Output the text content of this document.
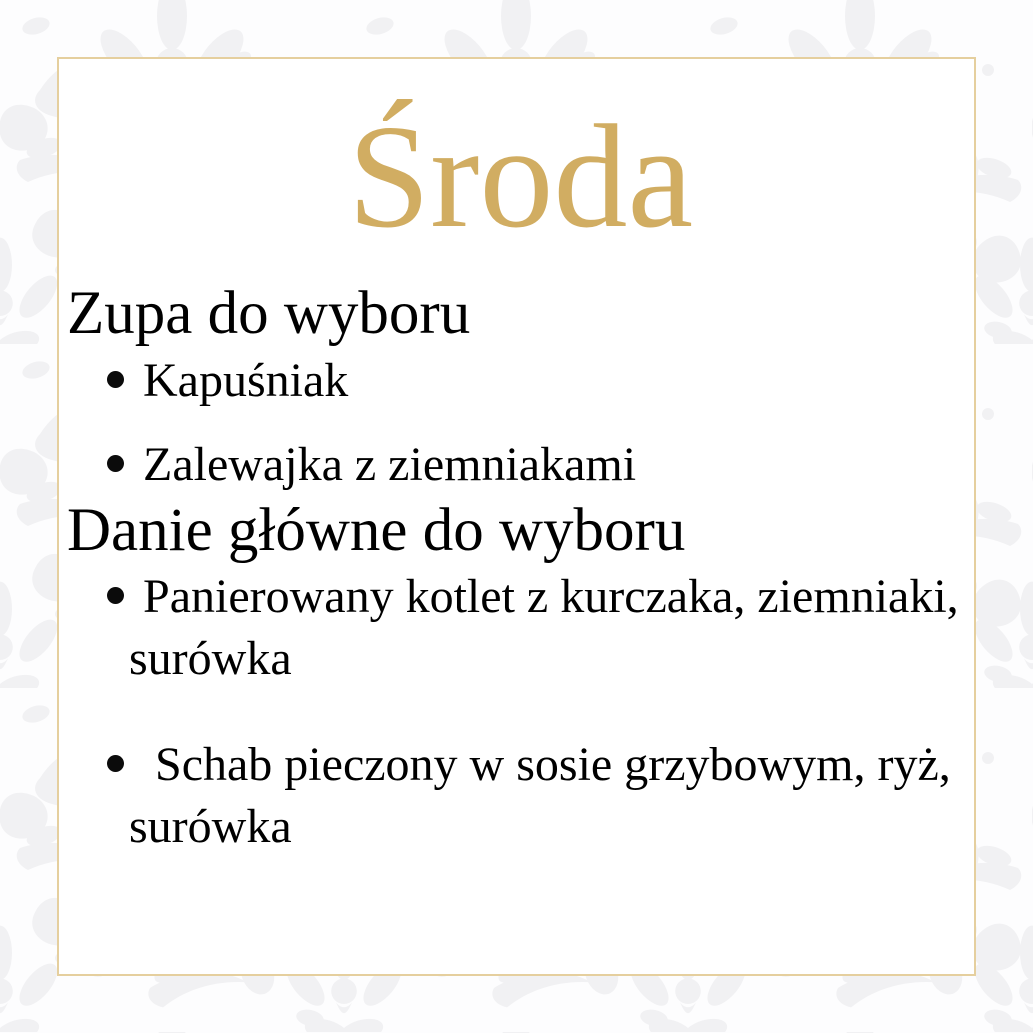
Środa
Zupa do wyboru
Kapuśniak
Zalewajka z ziemniakami
Danie główne do wyboru
Panierowany kotlet z kurczaka, ziemniaki, surówka
Schab pieczony w sosie grzybowym, ryż, surówka
